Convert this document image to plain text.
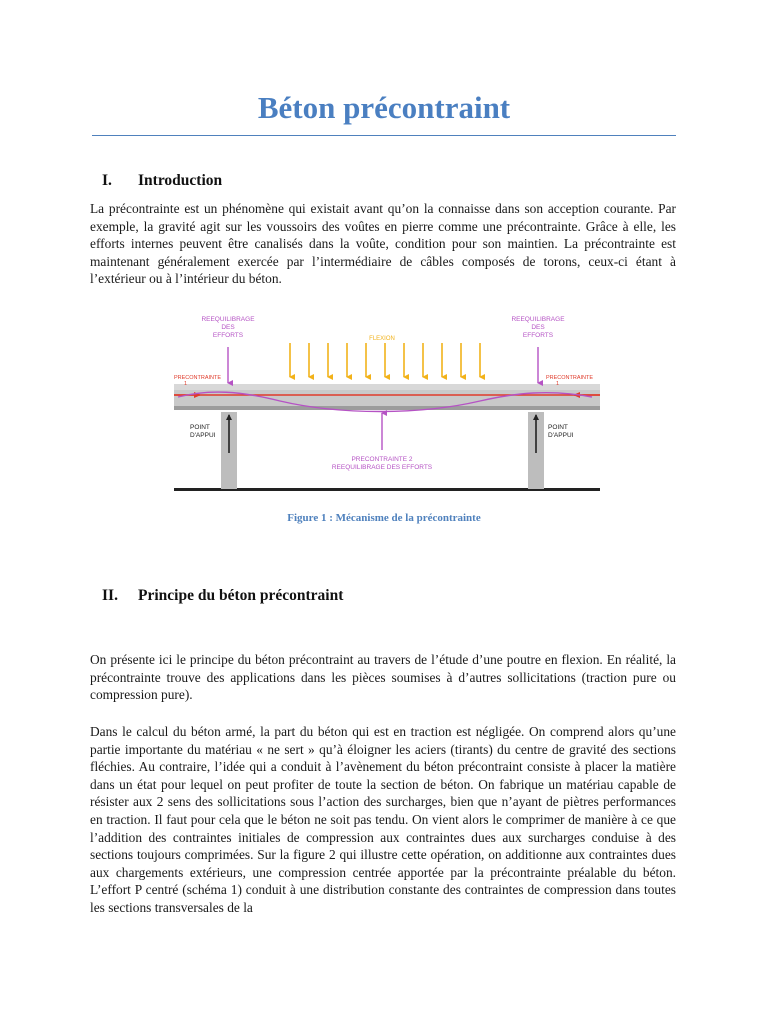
Béton précontraint
I. Introduction

La précontrainte est un phénomène qui existait avant qu’on la connaisse dans son acception courante. Par exemple, la gravité agit sur les voussoirs des voûtes en pierre comme une précontrainte. Grâce à elle, les efforts internes peuvent être canalisés dans la voûte, condition pour son maintien. La précontrainte est maintenant généralement exercée par l’intermédiaire de câbles composés de torons, ceux-ci étant à l’extérieur ou à l’intérieur du béton.

REEQUILIBRAGE
DES
EFFORTS
REEQUILIBRAGE
DES
EFFORTS
PRECONTRAINTE 2
REEQUILIBRAGE DES EFFORTS
FLEXION
PRECONTRAINTE
1
PRECONTRAINTE
1
POINT
D'APPUI
POINT
D'APPUI
Figure 1 : Mécanisme de la précontrainte
II. Principe du béton précontraint

On présente ici le principe du béton précontraint au travers de l’étude d’une poutre en flexion. En réalité, la précontrainte trouve des applications dans les pièces soumises à d’autres sollicitations (traction pure ou compression pure).

Dans le calcul du béton armé, la part du béton qui est en traction est négligée. On comprend alors qu’une partie importante du matériau « ne sert » qu’à éloigner les aciers (tirants) du centre de gravité des sections fléchies. Au contraire, l’idée qui a conduit à l’avènement du béton précontraint consiste à placer la matière dans un état pour lequel on peut profiter de toute la section de béton. On fabrique un matériau capable de résister aux 2 sens des sollicitations sous l’action des surcharges, bien que n’ayant de piètres performances en traction. Il faut pour cela que le béton ne soit pas tendu. On vient alors le comprimer de manière à ce que l’addition des contraintes initiales de compression aux contraintes dues aux surcharges conduise à des sections toujours comprimées. Sur la figure 2 qui illustre cette opération, on additionne aux contraintes dues aux chargements extérieurs, une compression centrée apportée par la précontrainte préalable du béton. L’effort P centré (schéma 1) conduit à une distribution constante des contraintes de compression dans toutes les sections transversales de la
